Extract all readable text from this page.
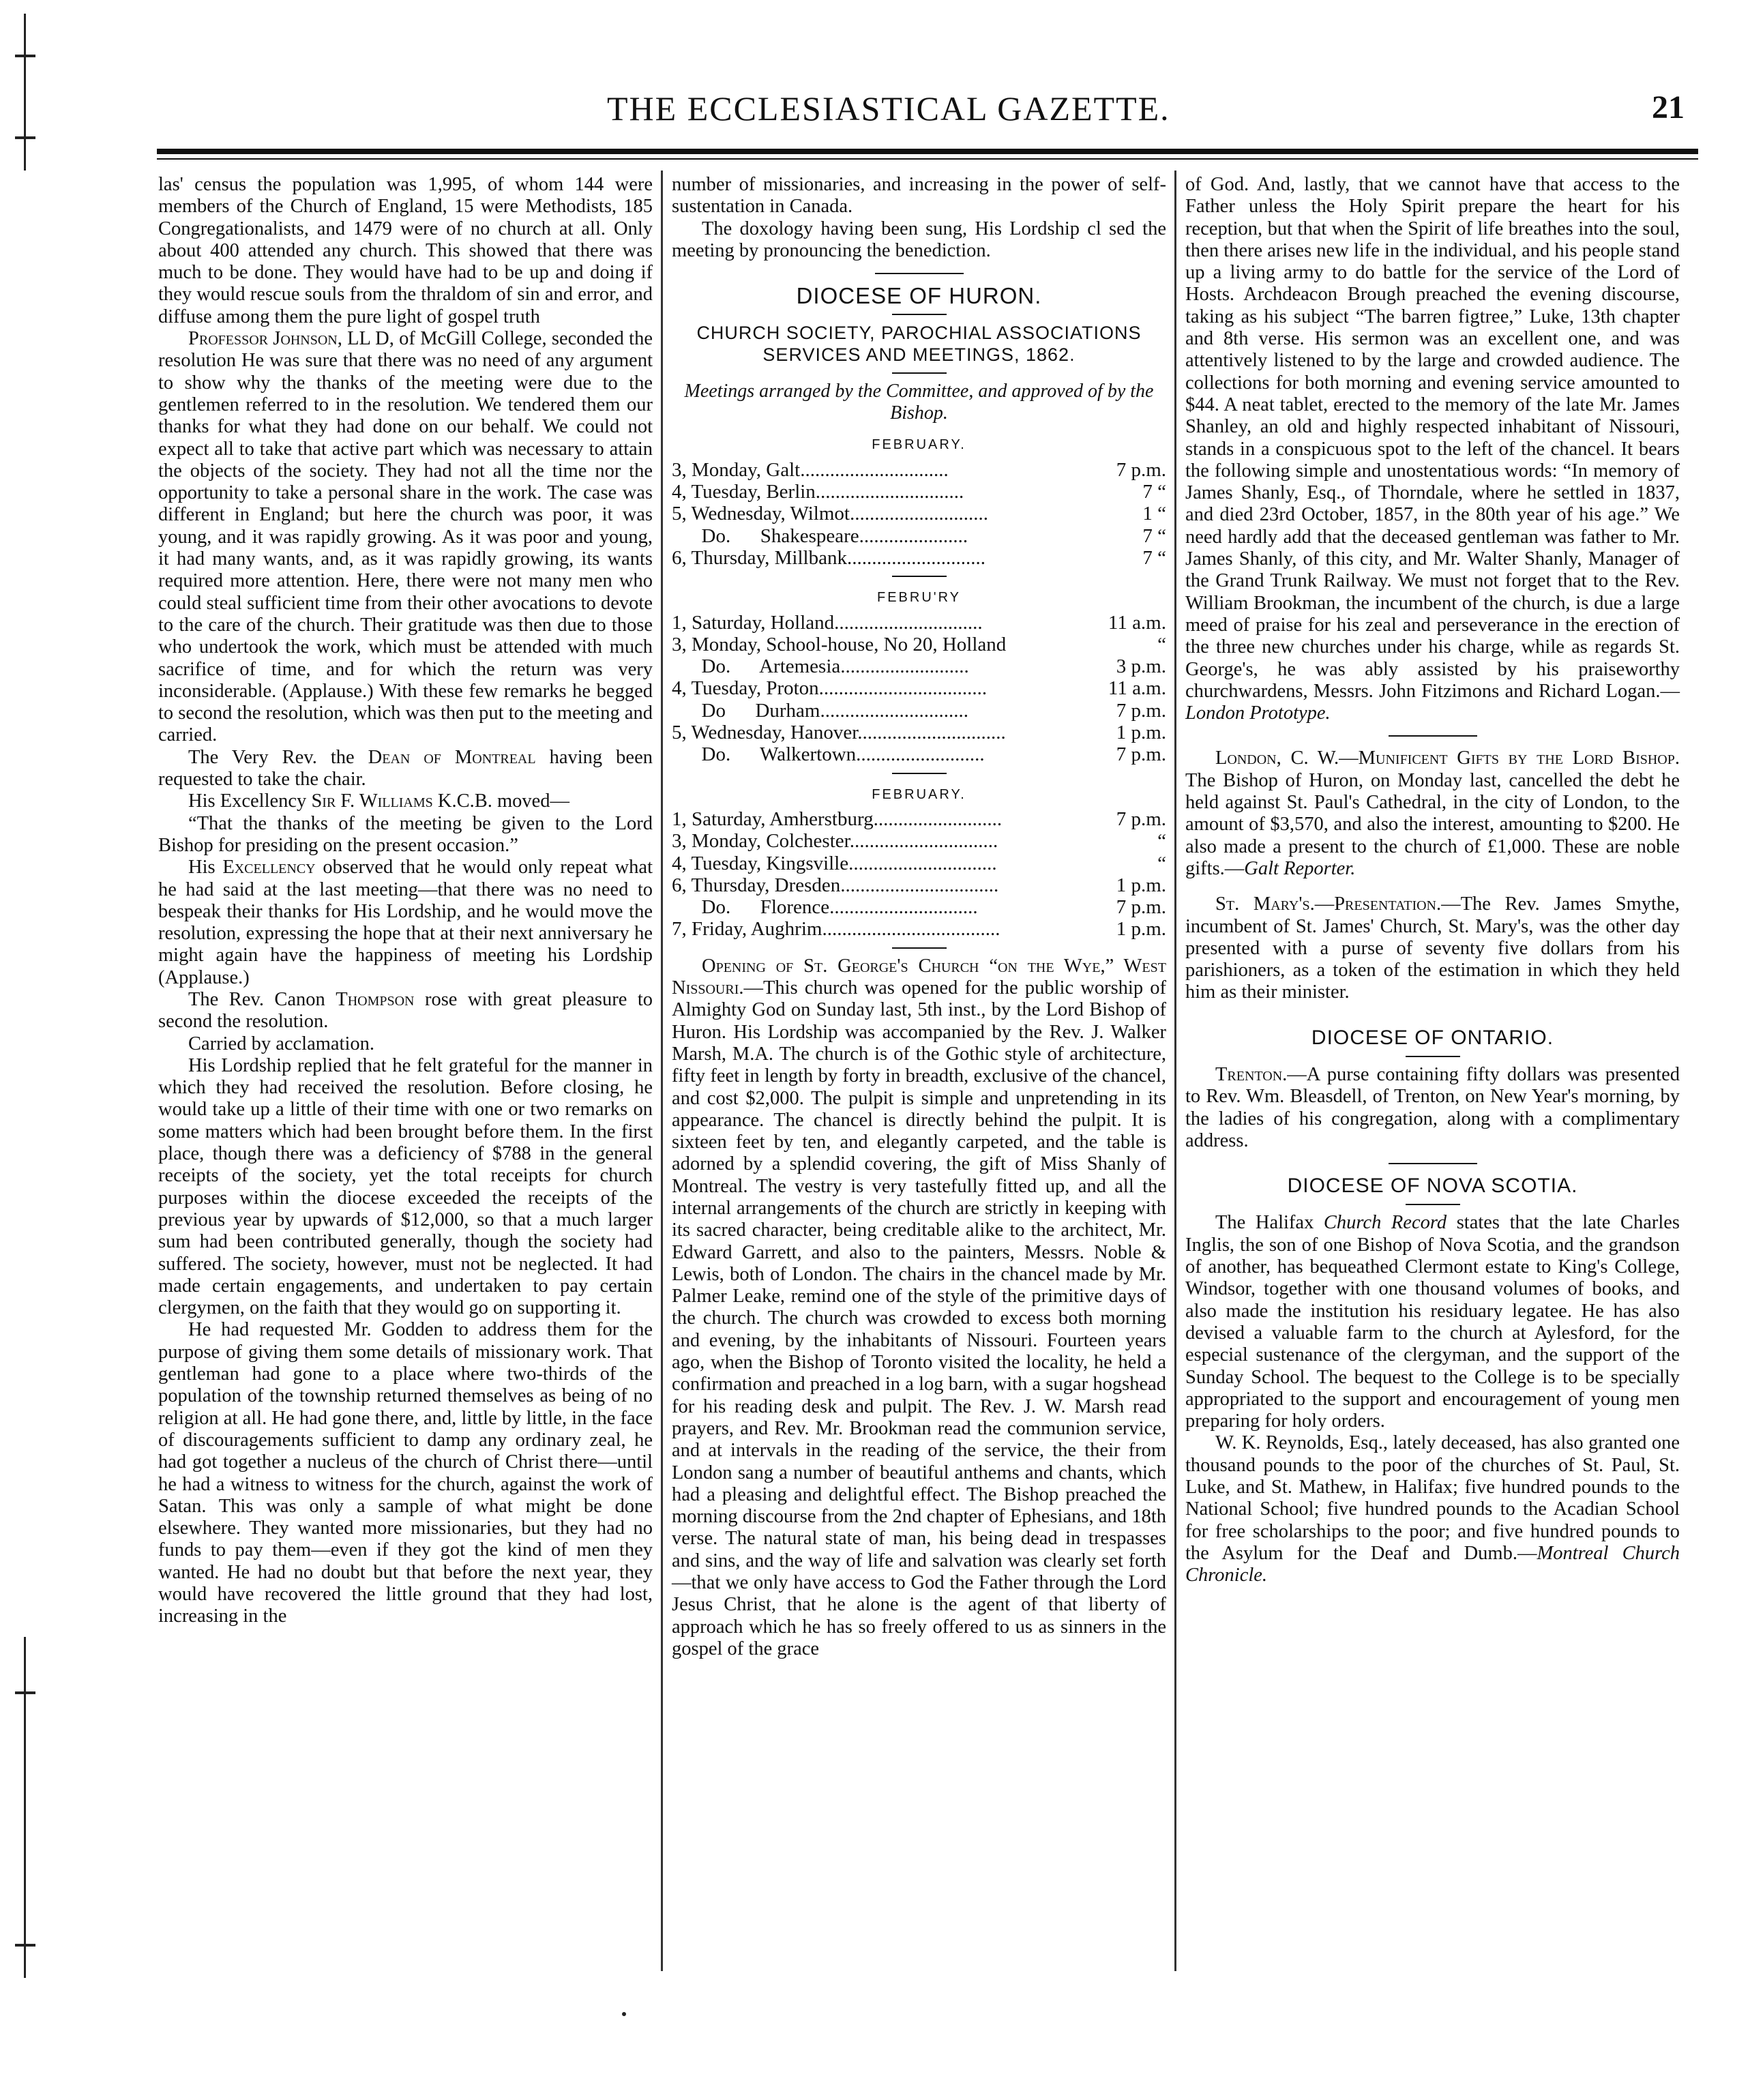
THE ECCLESIASTICAL GAZETTE.	21

las' census the population was 1,995, of whom 144 were members of the Church of England, 15 were Methodists, 185 Congregationalists, and 1479 were of no church at all. Only about 400 attended any church. This showed that there was much to be done. They would have had to be up and doing if they would rescue souls from the thraldom of sin and error, and diffuse among them the pure light of gospel truth

Professor Johnson, LL D, of McGill College, seconded the resolution He was sure that there was no need of any argument to show why the thanks of the meeting were due to the gentlemen referred to in the resolution. We tendered them our thanks for what they had done on our behalf. We could not expect all to take that active part which was necessary to attain the objects of the society. They had not all the time nor the opportunity to take a personal share in the work. The case was different in England; but here the church was poor, it was young, and it was rapidly growing. As it was poor and young, it had many wants, and, as it was rapidly growing, its wants required more attention. Here, there were not many men who could steal sufficient time from their other avocations to devote to the care of the church. Their gratitude was then due to those who undertook the work, which must be attended with much sacrifice of time, and for which the return was very inconsiderable. (Applause.) With these few remarks he begged to second the resolution, which was then put to the meeting and carried.

The Very Rev. the Dean of Montreal having been requested to take the chair.

His Excellency Sir F. Williams K.C.B. moved—

“That the thanks of the meeting be given to the Lord Bishop for presiding on the present occasion.”

His Excellency observed that he would only repeat what he had said at the last meeting—that there was no need to bespeak their thanks for His Lordship, and he would move the resolution, expressing the hope that at their next anniversary he might again have the happiness of meeting his Lordship (Applause.)

The Rev. Canon Thompson rose with great pleasure to second the resolution.

Carried by acclamation.

His Lordship replied that he felt grateful for the manner in which they had received the resolution. Before closing, he would take up a little of their time with one or two remarks on some matters which had been brought before them. In the first place, though there was a deficiency of $788 in the general receipts of the society, yet the total receipts for church purposes within the diocese exceeded the receipts of the previous year by upwards of $12,000, so that a much larger sum had been contributed generally, though the society had suffered. The society, however, must not be neglected. It had made certain engagements, and undertaken to pay certain clergymen, on the faith that they would go on supporting it.

He had requested Mr. Godden to address them for the purpose of giving them some details of missionary work. That gentleman had gone to a place where two-thirds of the population of the township returned themselves as being of no religion at all. He had gone there, and, little by little, in the face of discouragements sufficient to damp any ordinary zeal, he had got together a nucleus of the church of Christ there—until he had a witness to witness for the church, against the work of Satan. This was only a sample of what might be done elsewhere. They wanted more missionaries, but they had no funds to pay them—even if they got the kind of men they wanted. He had no doubt but that before the next year, they would have recovered the little ground that they had lost, increasing in the

number of missionaries, and increasing in the power of self-sustentation in Canada.

The doxology having been sung, His Lordship cl sed the meeting by pronouncing the benediction.

DIOCESE OF HURON.
CHURCH SOCIETY, PAROCHIAL ASSOCIATIONS SERVICES AND MEETINGS, 1862.
Meetings arranged by the Committee, and approved of by the Bishop.
FEBRUARY.
3, Monday, Galt..............................	7 p.m.
4, Tuesday, Berlin..............................	7 “
5, Wednesday, Wilmot............................	1 “
Do.      Shakespeare......................	7 “
6, Thursday, Millbank............................	7 “
FEBRU'RY
1, Saturday, Holland..............................	11 a.m.
3, Monday, School-house, No 20, Holland	“
Do.      Artemesia..........................	3 p.m.
4, Tuesday, Proton..................................	11 a.m.
Do      Durham..............................	7 p.m.
5, Wednesday, Hanover..............................	1 p.m.
Do.      Walkertown..........................	7 p.m.
FEBRUARY.
1, Saturday, Amherstburg..........................	7 p.m.
3, Monday, Colchester..............................	“
4, Tuesday, Kingsville..............................	“
6, Thursday, Dresden................................	1 p.m.
Do.      Florence..............................	7 p.m.
7, Friday, Aughrim....................................	1 p.m.

Opening of St. George's Church “on the Wye,” West Nissouri.—This church was opened for the public worship of Almighty God on Sunday last, 5th inst., by the Lord Bishop of Huron. His Lordship was accompanied by the Rev. J. Walker Marsh, M.A. The church is of the Gothic style of architecture, fifty feet in length by forty in breadth, exclusive of the chancel, and cost $2,000. The pulpit is simple and unpretending in its appearance. The chancel is directly behind the pulpit. It is sixteen feet by ten, and elegantly carpeted, and the table is adorned by a splendid covering, the gift of Miss Shanly of Montreal. The vestry is very tastefully fitted up, and all the internal arrangements of the church are strictly in keeping with its sacred character, being creditable alike to the architect, Mr. Edward Garrett, and also to the painters, Messrs. Noble & Lewis, both of London. The chairs in the chancel made by Mr. Palmer Leake, remind one of the style of the primitive days of the church. The church was crowded to excess both morning and evening, by the inhabitants of Nissouri. Fourteen years ago, when the Bishop of Toronto visited the locality, he held a confirmation and preached in a log barn, with a sugar hogshead for his reading desk and pulpit. The Rev. J. W. Marsh read prayers, and Rev. Mr. Brookman read the communion service, and at intervals in the reading of the service, the their from London sang a number of beautiful anthems and chants, which had a pleasing and delightful effect. The Bishop preached the morning discourse from the 2nd chapter of Ephesians, and 18th verse. The natural state of man, his being dead in trespasses and sins, and the way of life and salvation was clearly set forth—that we only have access to God the Father through the Lord Jesus Christ, that he alone is the agent of that liberty of approach which he has so freely offered to us as sinners in the gospel of the grace

of God. And, lastly, that we cannot have that access to the Father unless the Holy Spirit prepare the heart for his reception, but that when the Spirit of life breathes into the soul, then there arises new life in the individual, and his people stand up a living army to do battle for the service of the Lord of Hosts. Archdeacon Brough preached the evening discourse, taking as his subject “The barren figtree,” Luke, 13th chapter and 8th verse. His sermon was an excellent one, and was attentively listened to by the large and crowded audience. The collections for both morning and evening service amounted to $44. A neat tablet, erected to the memory of the late Mr. James Shanley, an old and highly respected inhabitant of Nissouri, stands in a conspicuous spot to the left of the chancel. It bears the following simple and unostentatious words: “In memory of James Shanly, Esq., of Thorndale, where he settled in 1837, and died 23rd October, 1857, in the 80th year of his age.” We need hardly add that the deceased gentleman was father to Mr. James Shanly, of this city, and Mr. Walter Shanly, Manager of the Grand Trunk Railway. We must not forget that to the Rev. William Brookman, the incumbent of the church, is due a large meed of praise for his zeal and perseverance in the erection of the three new churches under his charge, while as regards St. George's, he was ably assisted by his praiseworthy churchwardens, Messrs. John Fitzimons and Richard Logan.—London Prototype.

London, C. W.—Munificent Gifts by the Lord Bishop. The Bishop of Huron, on Monday last, cancelled the debt he held against St. Paul's Cathedral, in the city of London, to the amount of $3,570, and also the interest, amounting to $200. He also made a present to the church of £1,000. These are noble gifts.—Galt Reporter.

St. Mary's.—Presentation.—The Rev. James Smythe, incumbent of St. James' Church, St. Mary's, was the other day presented with a purse of seventy five dollars from his parishioners, as a token of the estimation in which they held him as their minister.

DIOCESE OF ONTARIO.

Trenton.—A purse containing fifty dollars was presented to Rev. Wm. Bleasdell, of Trenton, on New Year's morning, by the ladies of his congregation, along with a complimentary address.

DIOCESE OF NOVA SCOTIA.

The Halifax Church Record states that the late Charles Inglis, the son of one Bishop of Nova Scotia, and the grandson of another, has bequeathed Clermont estate to King's College, Windsor, together with one thousand volumes of books, and also made the institution his residuary legatee. He has also devised a valuable farm to the church at Aylesford, for the especial sustenance of the clergyman, and the support of the Sunday School. The bequest to the College is to be specially appropriated to the support and encouragement of young men preparing for holy orders.

W. K. Reynolds, Esq., lately deceased, has also granted one thousand pounds to the poor of the churches of St. Paul, St. Luke, and St. Mathew, in Halifax; five hundred pounds to the National School; five hundred pounds to the Acadian School for free scholarships to the poor; and five hundred pounds to the Asylum for the Deaf and Dumb.—Montreal Church Chronicle.
